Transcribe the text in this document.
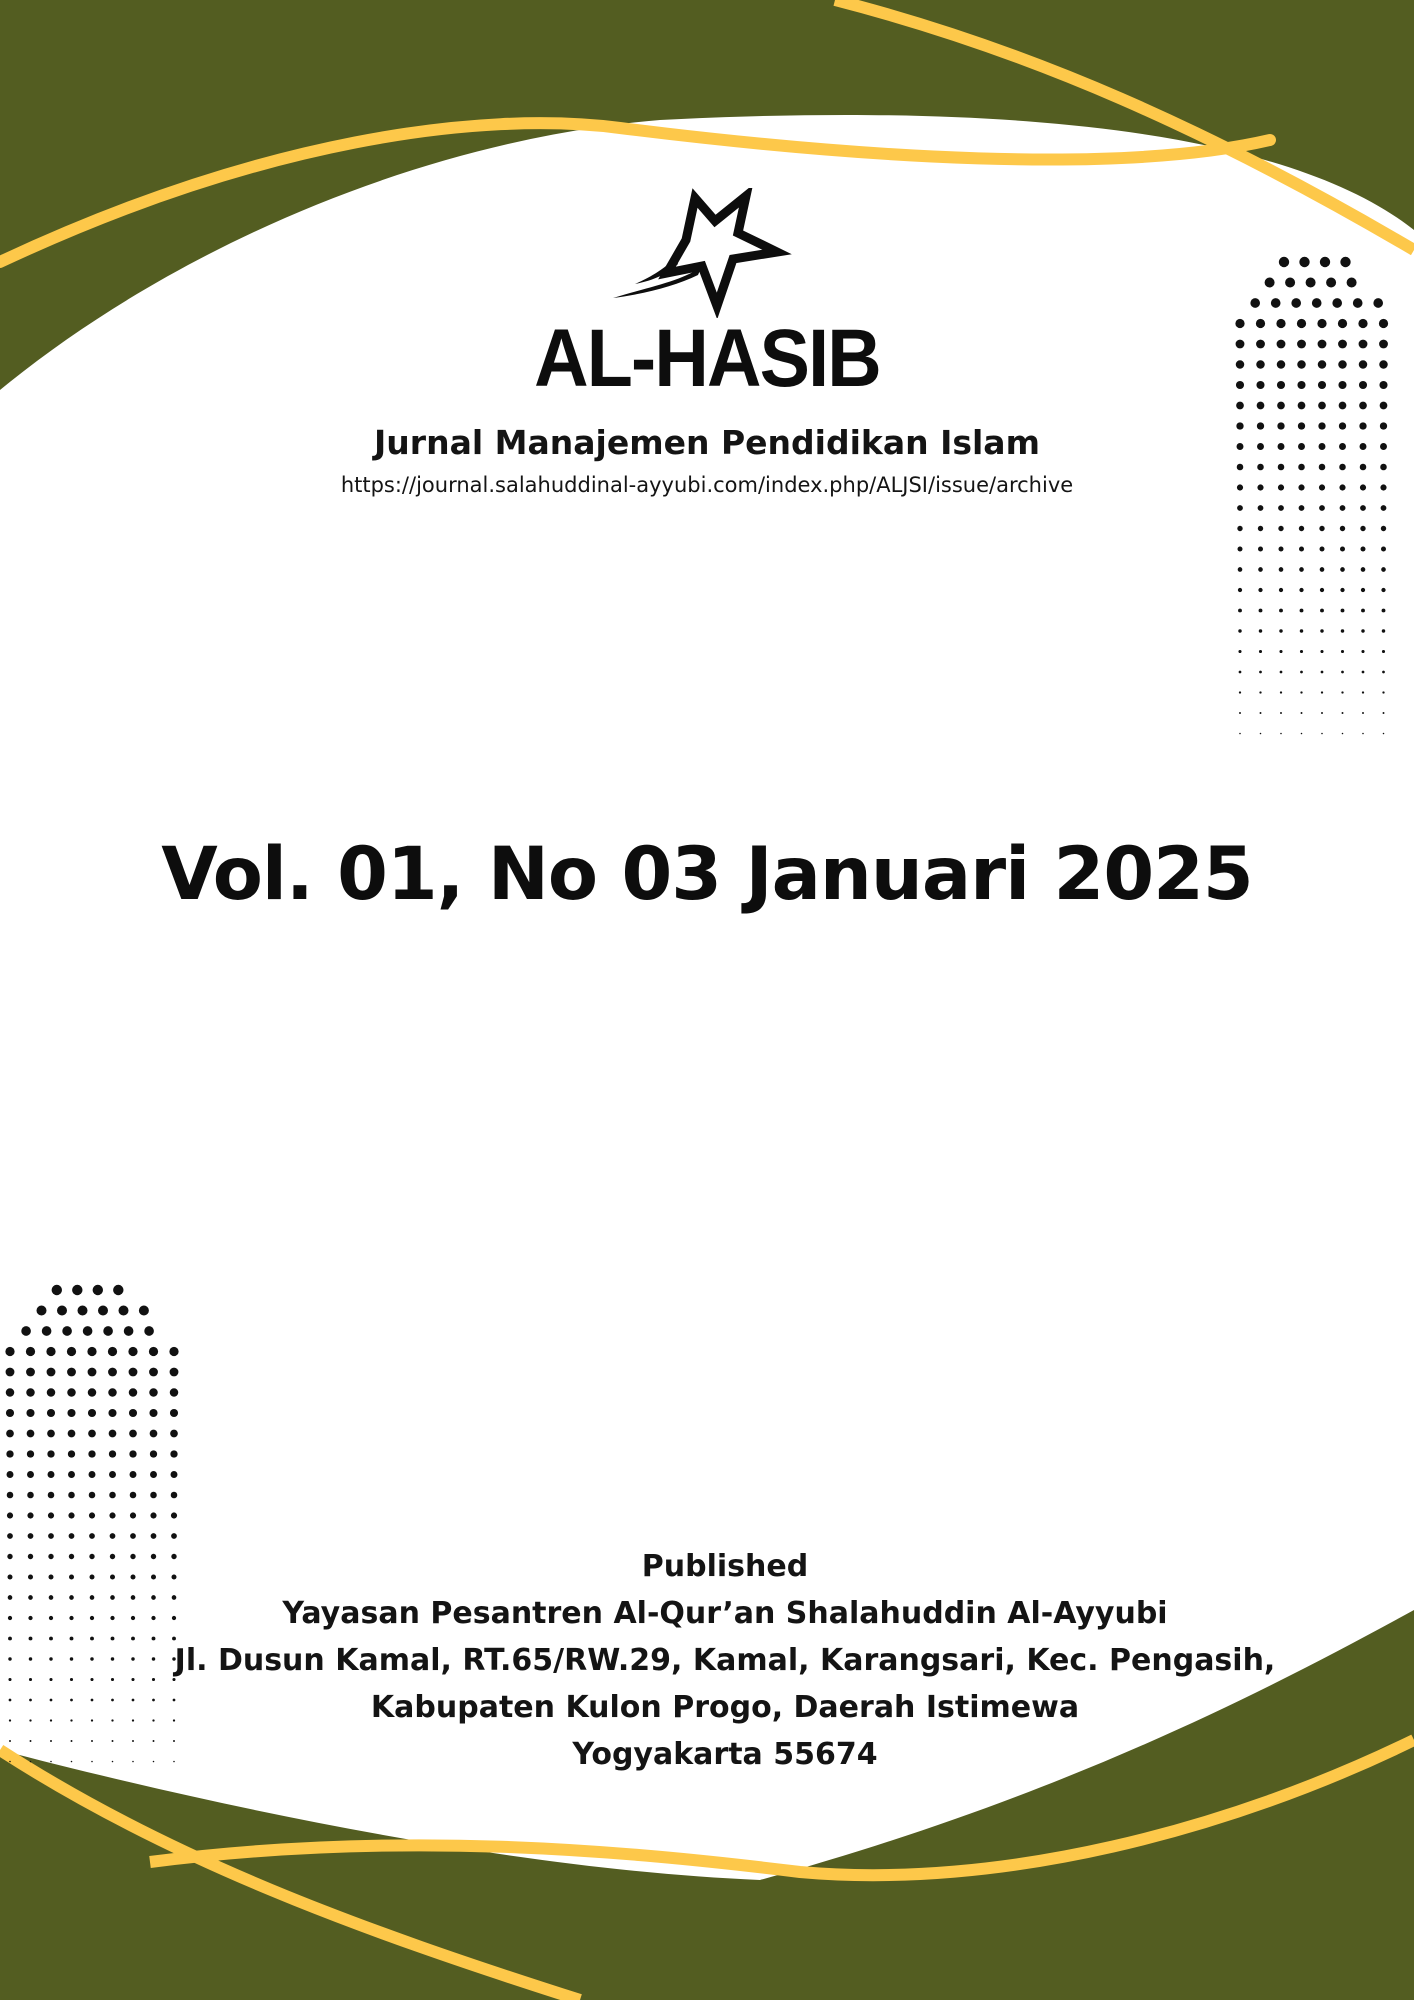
AL-HASIB
Jurnal Manajemen Pendidikan Islam
https://journal.salahuddinal-ayyubi.com/index.php/ALJSI/issue/archive
Vol. 01, No 03 Januari 2025
Published
Yayasan Pesantren Al-Qur’an Shalahuddin Al-Ayyubi
Jl. Dusun Kamal, RT.65/RW.29, Kamal, Karangsari, Kec. Pengasih,
Kabupaten Kulon Progo, Daerah Istimewa
Yogyakarta 55674
